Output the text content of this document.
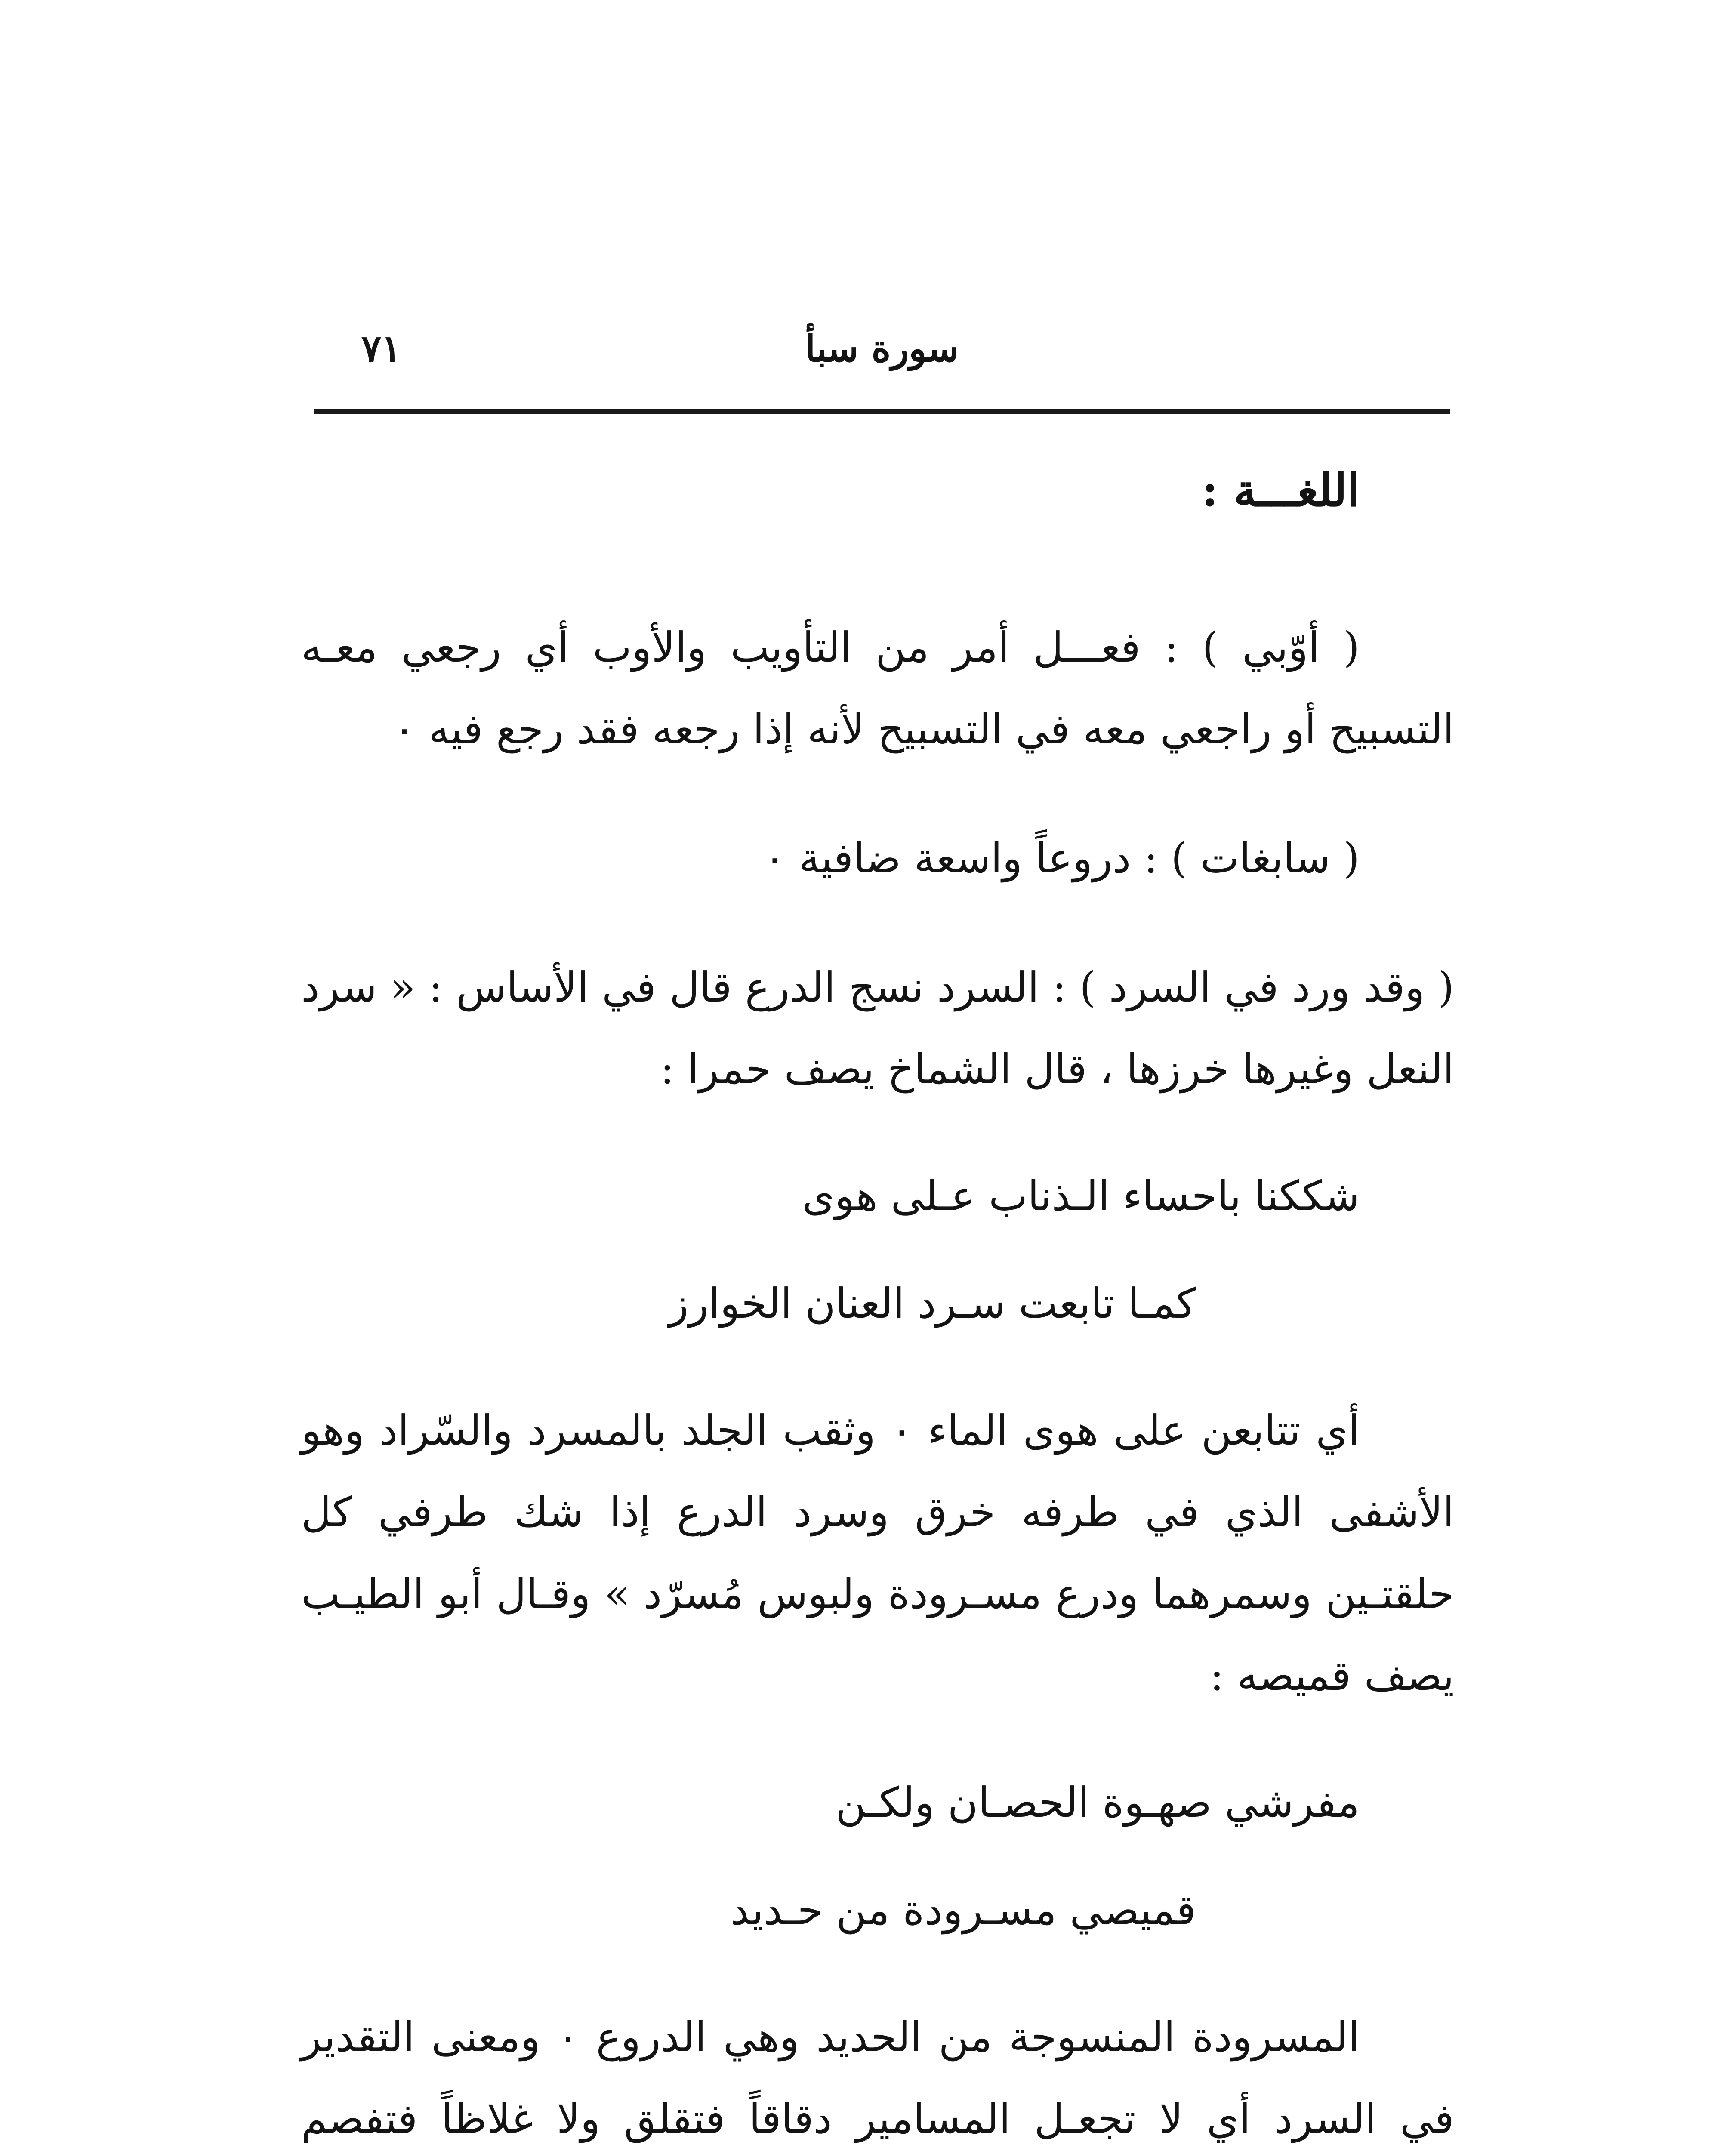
سورة سبأ
٧١
اللغـــة :

( أوّبي ) : فعـــل أمر من التأويب والأوب أي رجعي معـه التسبيح أو راجعي معه في التسبيح لأنه إذا رجعه فقد رجع فيه ٠

( سابغات ) : دروعاً واسعة ضافية ٠

( وقد ورد في السرد ) : السرد نسج الدرع قال في الأساس : « سرد النعل وغيرها خرزها ، قال الشماخ يصف حمرا :

شككنا باحساء الـذناب عـلى هوى
كمـا تابعت سـرد العنان الخوارز

أي تتابعن على هوى الماء ٠ وثقب الجلد بالمسرد والسّراد وهو الأشفى الذي في طرفه خرق وسرد الدرع إذا شك طرفي كل حلقتـين وسمرهما ودرع مسـرودة ولبوس مُسرّد » وقـال أبو الطيـب يصف قميصه :

مفرشي صهـوة الحصـان ولكـن
قميصي مسـرودة من حـديد

المسرودة المنسوجة من الحديد وهي الدروع ٠ ومعنى التقدير في السرد أي لا تجعـل المسامير دقاقاً فتقلق ولا غلاظاً فتفصم
